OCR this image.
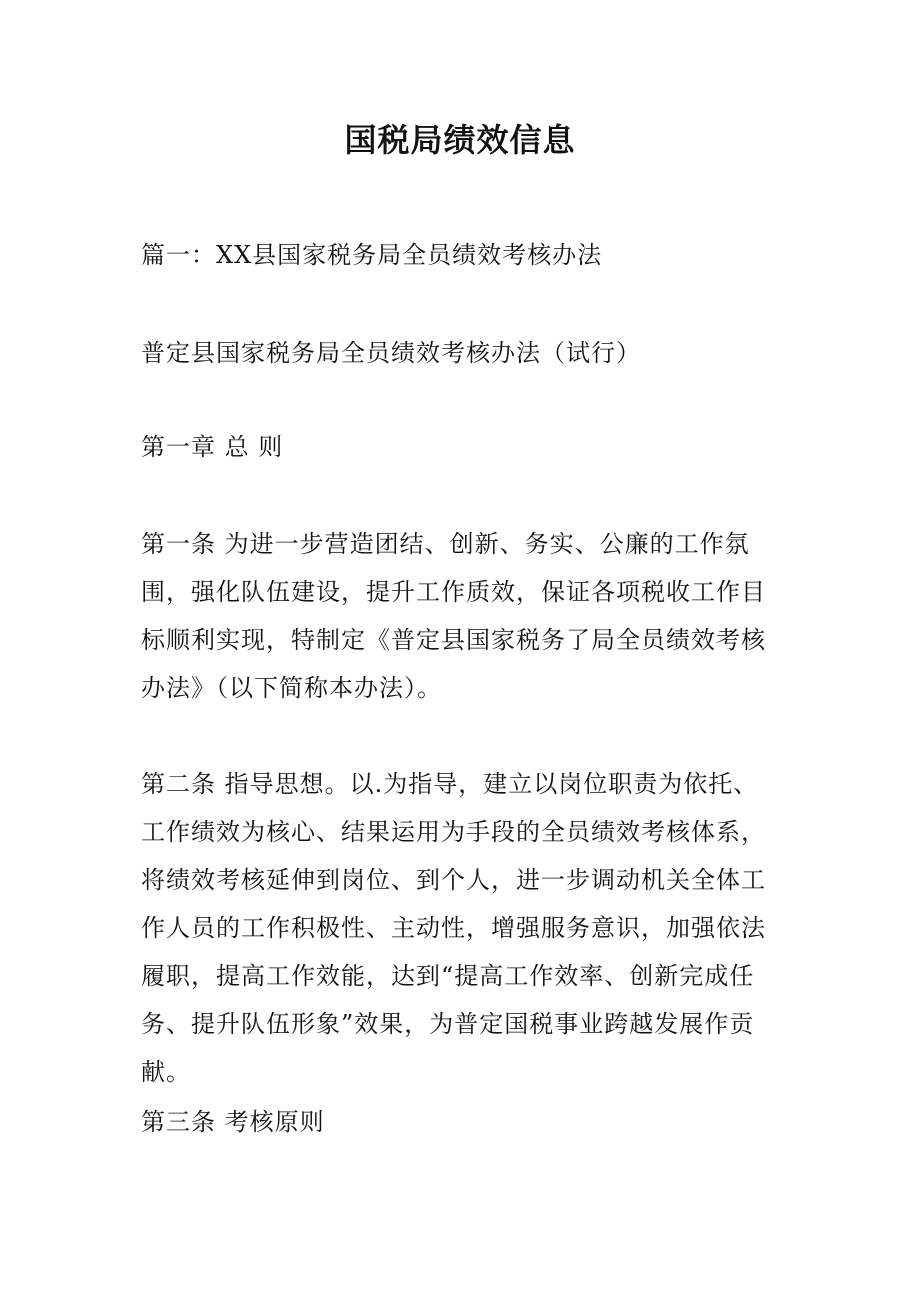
国税局绩效信息

篇一：XX县国家税务局全员绩效考核办法

普定县国家税务局全员绩效考核办法（试行）

第一章 总 则

第一条 为进一步营造团结、创新、务实、公廉的工作氛围，强化队伍建设，提升工作质效，保证各项税收工作目标顺利实现，特制定《普定县国家税务了局全员绩效考核办法》（以下简称本办法）。

第二条 指导思想。以.为指导，建立以岗位职责为依托、工作绩效为核心、结果运用为手段的全员绩效考核体系，将绩效考核延伸到岗位、到个人，进一步调动机关全体工作人员的工作积极性、主动性，增强服务意识，加强依法履职，提高工作效能，达到“提高工作效率、创新完成任务、提升队伍形象”效果，为普定国税事业跨越发展作贡献。

第三条 考核原则
